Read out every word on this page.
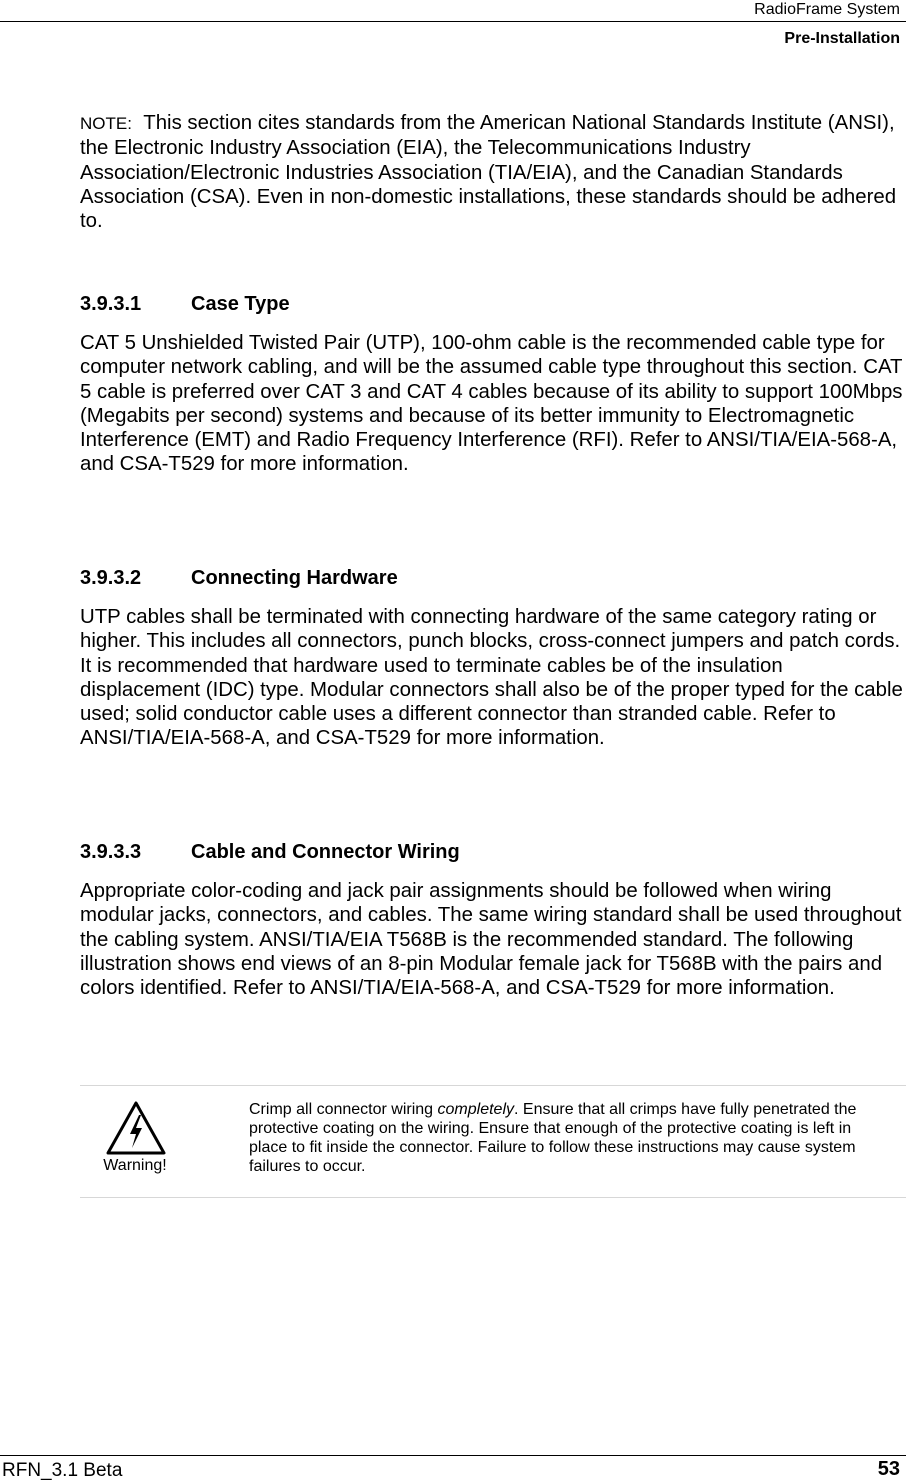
RadioFrame System
Pre-Installation

NOTE: This section cites standards from the American National Standards Institute (ANSI), the Electronic Industry Association (EIA), the Telecommunications Industry Association/Electronic Industries Association (TIA/EIA), and the Canadian Standards Association (CSA). Even in non-domestic installations, these standards should be adhered to.

3.9.3.1 Case Type

CAT 5 Unshielded Twisted Pair (UTP), 100-ohm cable is the recommended cable type for computer network cabling, and will be the assumed cable type throughout this section. CAT 5 cable is preferred over CAT 3 and CAT 4 cables because of its ability to support 100Mbps (Megabits per second) systems and because of its better immunity to Electromagnetic Interference (EMT) and Radio Frequency Interference (RFI). Refer to ANSI/TIA/EIA-568-A, and CSA-T529 for more information.

3.9.3.2 Connecting Hardware

UTP cables shall be terminated with connecting hardware of the same category rating or higher. This includes all connectors, punch blocks, cross-connect jumpers and patch cords. It is recommended that hardware used to terminate cables be of the insulation displacement (IDC) type. Modular connectors shall also be of the proper typed for the cable used; solid conductor cable uses a different connector than stranded cable. Refer to ANSI/TIA/EIA-568-A, and CSA-T529 for more information.

3.9.3.3 Cable and Connector Wiring

Appropriate color-coding and jack pair assignments should be followed when wiring modular jacks, connectors, and cables. The same wiring standard shall be used throughout the cabling system. ANSI/TIA/EIA T568B is the recommended standard. The following illustration shows end views of an 8-pin Modular female jack for T568B with the pairs and colors identified. Refer to ANSI/TIA/EIA-568-A, and CSA-T529 for more information.

Warning!

Crimp all connector wiring completely. Ensure that all crimps have fully penetrated the protective coating on the wiring. Ensure that enough of the protective coating is left in place to fit inside the connector. Failure to follow these instructions may cause system failures to occur.

RFN_3.1 Beta	53
